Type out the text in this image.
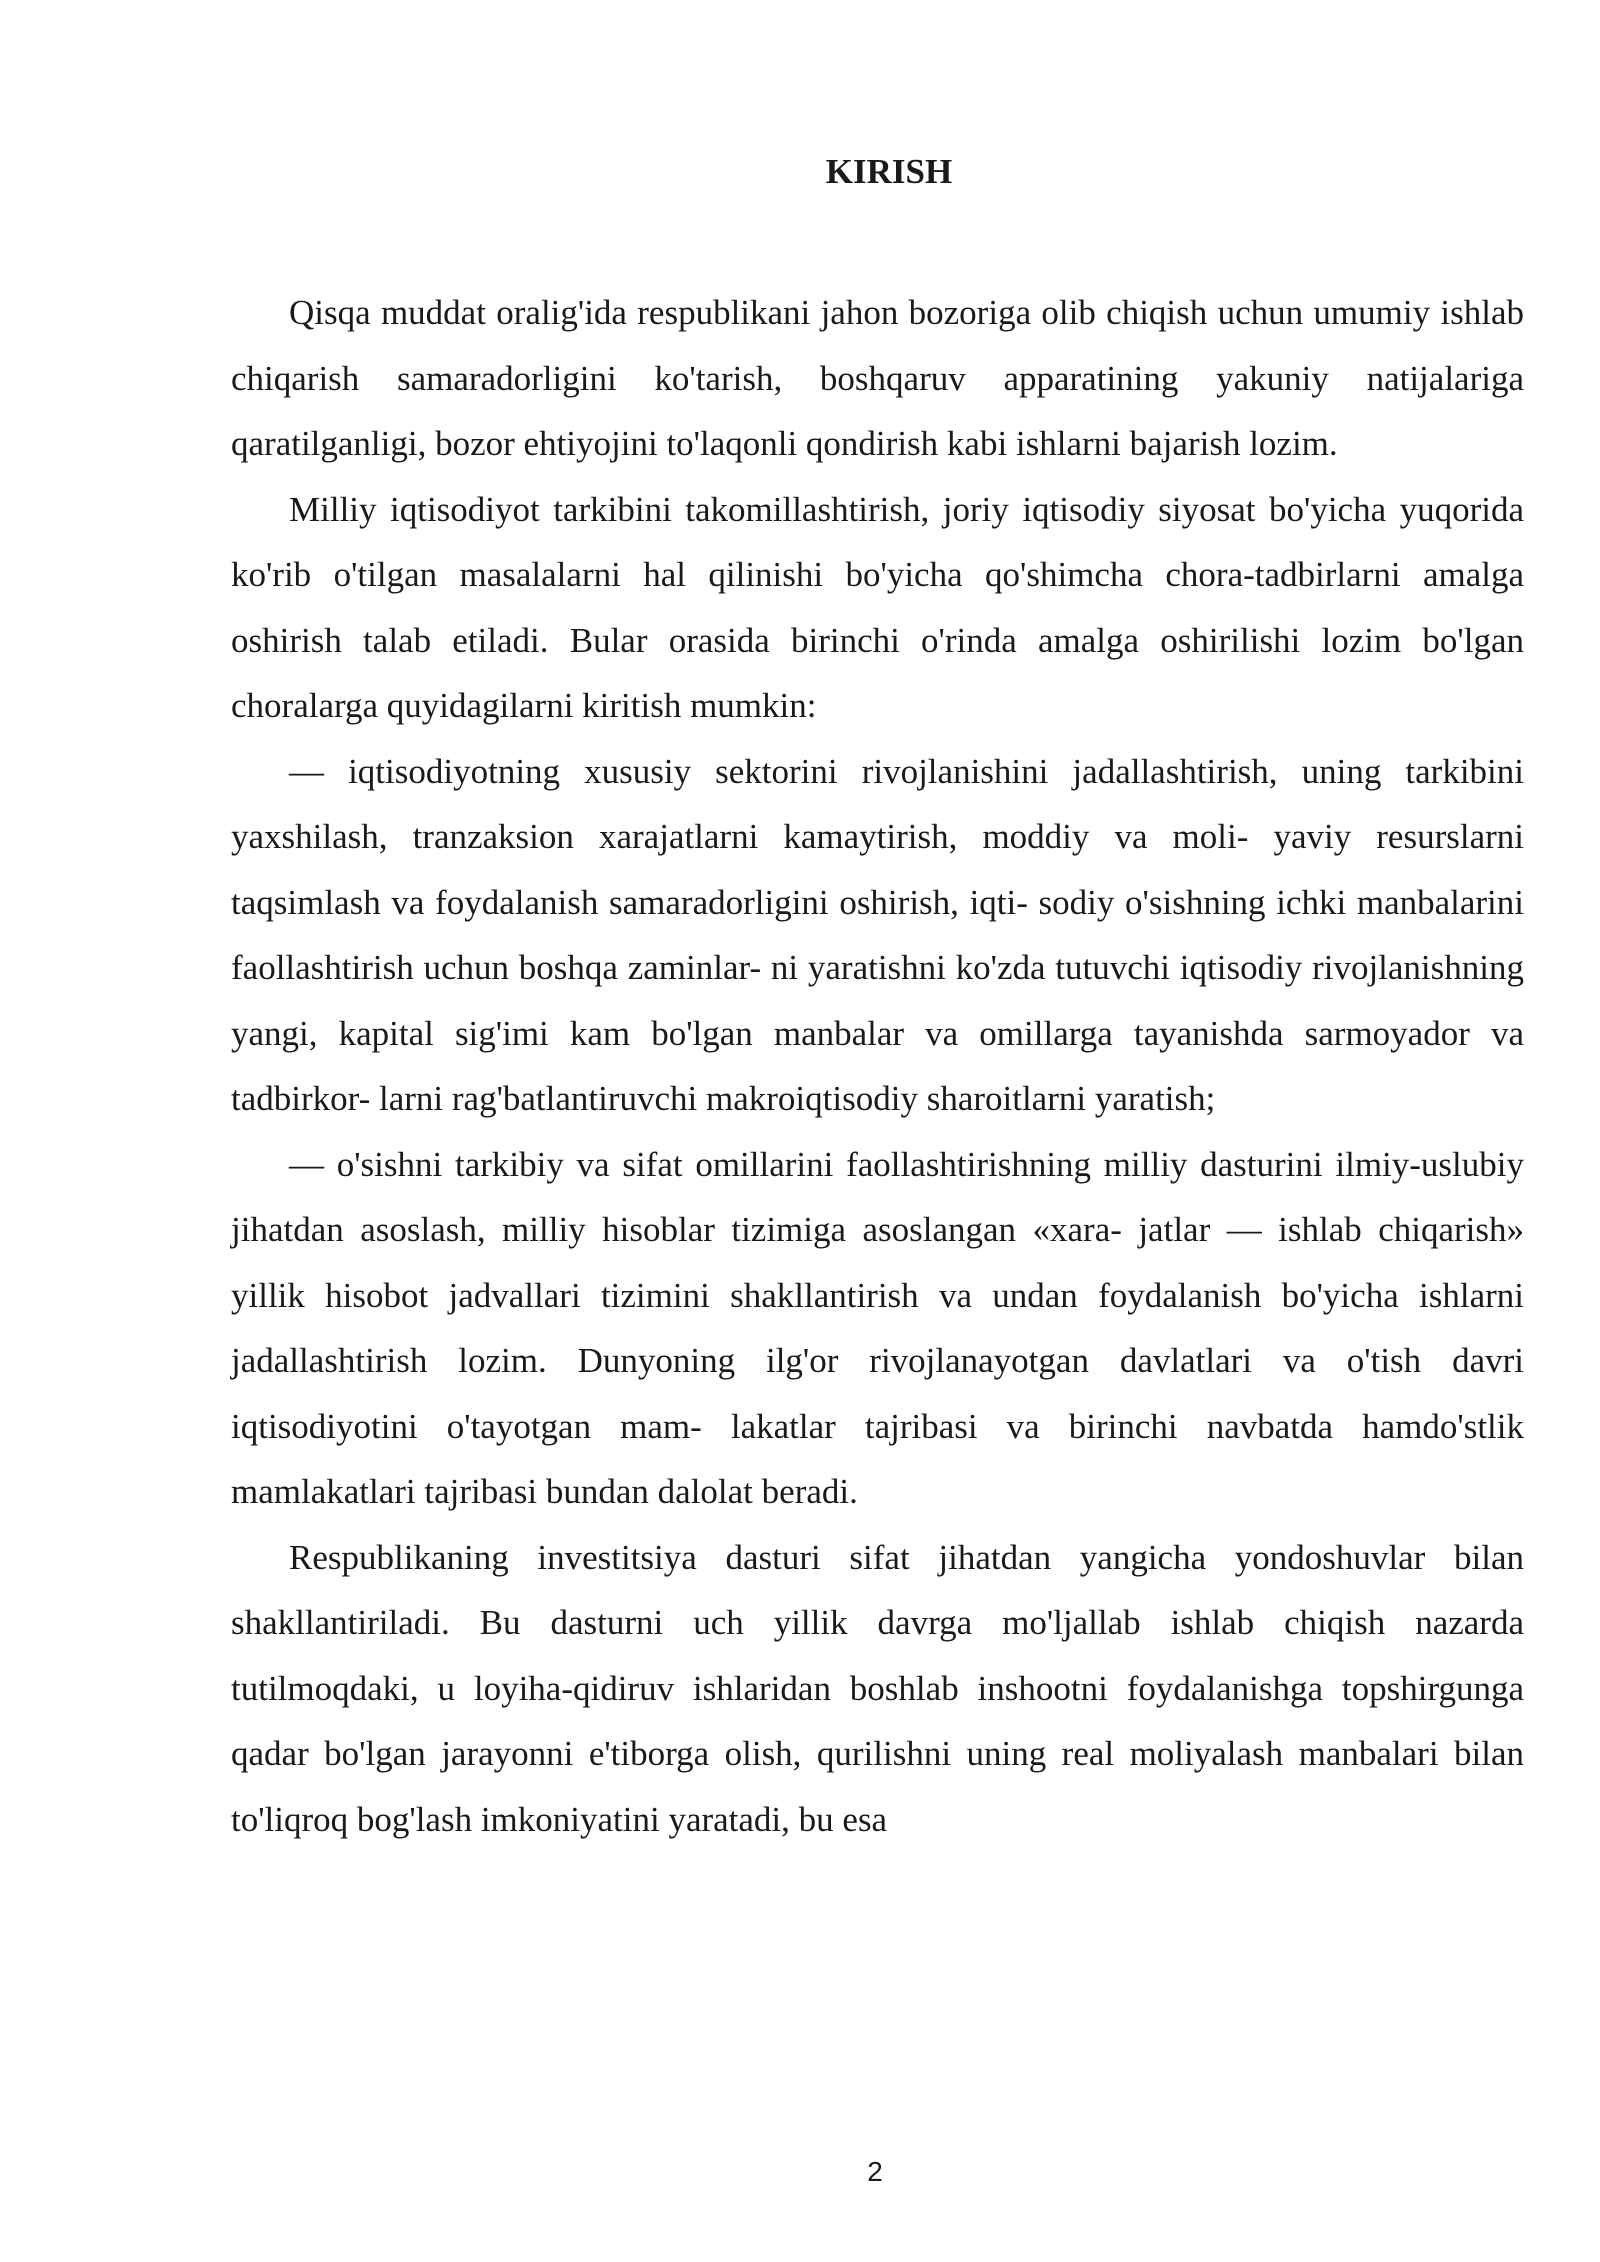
KIRISH

Qisqa muddat oralig'ida respublikani jahon bozoriga olib chiqish uchun umumiy ishlab chiqarish samaradorligini ko'tarish, boshqaruv apparatining yakuniy natijalariga qaratilganligi, bozor ehtiyojini to'laqonli qondirish kabi ishlarni bajarish lozim.

Milliy iqtisodiyot tarkibini takomillashtirish, joriy iqtisodiy siyosat bo'yicha yuqorida ko'rib o'tilgan masalalarni hal qilinishi bo'yicha qo'shimcha chora-tadbirlarni amalga oshirish talab etiladi. Bular orasida birinchi o'rinda amalga oshirilishi lozim bo'lgan choralarga quyidagilarni kiritish mumkin:

— iqtisodiyotning xususiy sektorini rivojlanishini jadallashtirish, uning tarkibini yaxshilash, tranzaksion xarajatlarni kamaytirish, moddiy va moli- yaviy resurslarni taqsimlash va foydalanish samaradorligini oshirish, iqti- sodiy o'sishning ichki manbalarini faollashtirish uchun boshqa zaminlar- ni yaratishni ko'zda tutuvchi iqtisodiy rivojlanishning yangi, kapital sig'imi kam bo'lgan manbalar va omillarga tayanishda sarmoyador va tadbirkor- larni rag'batlantiruvchi makroiqtisodiy sharoitlarni yaratish;

— o'sishni tarkibiy va sifat omillarini faollashtirishning milliy dasturini ilmiy-uslubiy jihatdan asoslash, milliy hisoblar tizimiga asoslangan «xara- jatlar — ishlab chiqarish» yillik hisobot jadvallari tizimini shakllantirish va undan foydalanish bo'yicha ishlarni jadallashtirish lozim. Dunyoning ilg'or rivojlanayotgan davlatlari va o'tish davri iqtisodiyotini o'tayotgan mam- lakatlar tajribasi va birinchi navbatda hamdo'stlik mamlakatlari tajribasi bundan dalolat beradi.

Respublikaning investitsiya dasturi sifat jihatdan yangicha yondoshuvlar bilan shakllantiriladi. Bu dasturni uch yillik davrga mo'ljallab ishlab chiqish nazarda tutilmoqdaki, u loyiha-qidiruv ishlaridan boshlab inshootni foydalanishga topshirgunga qadar bo'lgan jarayonni e'tiborga olish, qurilishni uning real moliyalash manbalari bilan to'liqroq bog'lash imkoniyatini yaratadi, bu esa

2
